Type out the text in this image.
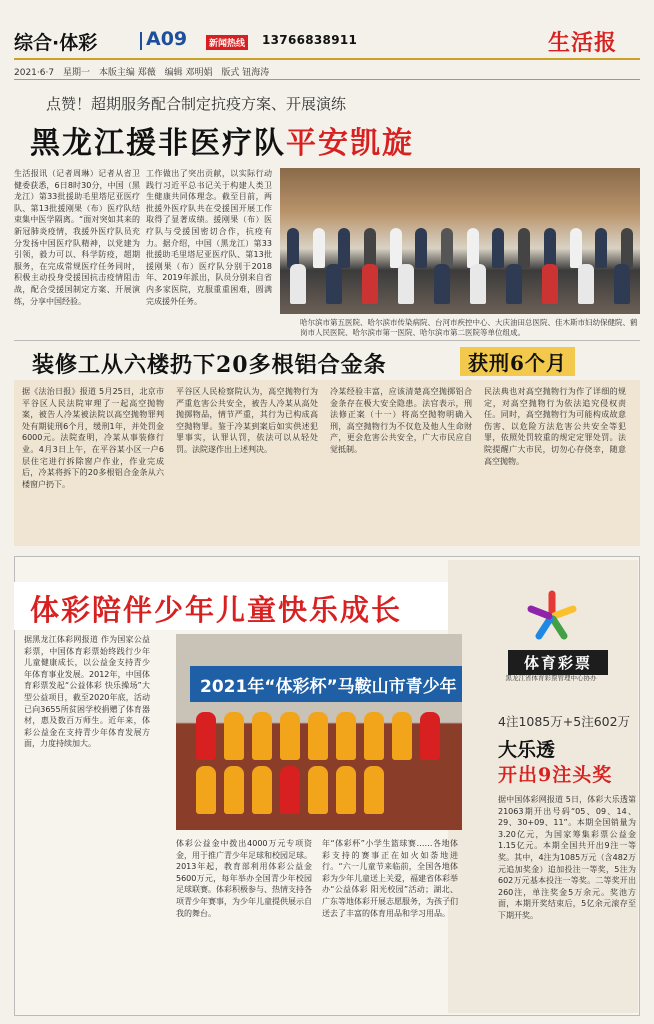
综合·体彩	A09	新闻热线 13766838911	生活报
2021·6·7 星期一 本版主编 郑薇 编辑 邓明娟 版式 钮海涛
点赞！超期服务配合制定抗疫方案、开展演练
黑龙江援非医疗队平安凯旋
生活报讯（记者周琳）记者从省卫健委获悉，6日8时30分，中国（黑龙江）第33批援助毛里塔尼亚医疗队、第13批援刚果（布）医疗队结束集中医学隔离。“面对突如其来的新冠肺炎疫情，我援外医疗队员充分发扬中国医疗队精神，以党建为引领，毅力可以、科学防疫，超期服务，在完成常规医疗任务同时，积极主动投身受援国抗击疫情阻击战，配合受援国制定方案、开展演练，分享中国经验。
工作做出了突出贡献，以实际行动践行习近平总书记关于构建人类卫生健康共同体理念。截至目前，两批援外医疗队共在受援国开展工作取得了显著成绩。援刚果（布）医疗队与受援国密切合作，抗疫有力。据介绍，中国（黑龙江）第33批援助毛里塔尼亚医疗队、第13批援刚果（布）医疗队分别于2018年、2019年派出，队员分别来自省内多家医院，克服重重困难，圆满完成援外任务。
哈尔滨市第五医院、哈尔滨市传染病院、台河市疾控中心、大庆油田总医院、佳木斯市妇幼保健院、鹤岗市人民医院、哈尔滨市第一医院、哈尔滨市第二医院等单位组成。
装修工从六楼扔下20多根铝合金条	获刑6个月
据《法治日报》报道 5月25日，北京市平谷区人民法院审理了一起高空抛物案，被告人冷某被法院以高空抛物罪判处有期徒刑6个月，缓刑1年，并处罚金6000元。法院查明，冷某从事装修行业。4月3日上午，在平谷某小区一户6层住宅进行拆除窗户作业，作业完成后，冷某将拆下的20多根铝合金条从六楼窗户扔下。
平谷区人民检察院认为，高空抛物行为严重危害公共安全，被告人冷某从高处抛掷物品，情节严重，其行为已构成高空抛物罪。鉴于冷某到案后如实供述犯罪事实，认罪认罚，依法可以从轻处罚。法院遂作出上述判决。
冷某经验丰富，应该清楚高空抛掷铝合金条存在极大安全隐患。法官表示，刑法修正案（十一）将高空抛物明确入刑，高空抛物行为不仅危及他人生命财产，更会危害公共安全，广大市民应自觉抵制。
民法典也对高空抛物行为作了详细的规定，对高空抛物行为依法追究侵权责任。同时，高空抛物行为可能构成故意伤害、以危险方法危害公共安全等犯罪，依照处罚较重的规定定罪处罚。法院提醒广大市民，切勿心存侥幸，随意高空抛物。
体彩陪伴少年儿童快乐成长
体育彩票
黑龙江省体育彩票管理中心协办
据黑龙江体彩网报道 作为国家公益彩票，中国体育彩票始终践行少年儿童健康成长，以公益金支持青少年体育事业发展。2012年，中国体育彩票发起“公益体彩 快乐操场”大型公益项目，截至2020年底，活动已向3655所贫困学校捐赠了体育器材，惠及数百万师生。近年来，体彩公益金在支持青少年体育发展方面，力度持续加大。
2021年“体彩杯”马鞍山市青少年
体彩公益金中拨出4000万元专项资金，用于推广青少年足球和校园足球。2013年起，教育部利用体彩公益金5600万元，每年举办全国青少年校园足球联赛。体彩积极参与、热情支持各项青少年赛事，为少年儿童提供展示自我的舞台。
年“体彩杯”小学生篮球赛……各地体彩支持的赛事正在如火如荼地进行。“六一儿童节来临前，全国各地体彩为少年儿童送上关爱，福建省体彩举办“公益体彩 阳光校园”活动；湖北、广东等地体彩开展志愿服务，为孩子们送去了丰富的体育用品和学习用品。
4注1085万+5注602万
大乐透
开出9注头奖
据中国体彩网报道 5日，体彩大乐透第21063期开出号码“05、09、14、29、30+09、11”。本期全国销量为3.20亿元，为国家筹集彩票公益金1.15亿元。本期全国共开出9注一等奖。其中，4注为1085万元（含482万元追加奖金）追加投注一等奖，5注为602万元基本投注一等奖。二等奖开出260注，单注奖金5万余元。奖池方面，本期开奖结束后，5亿余元滚存至下期开奖。
